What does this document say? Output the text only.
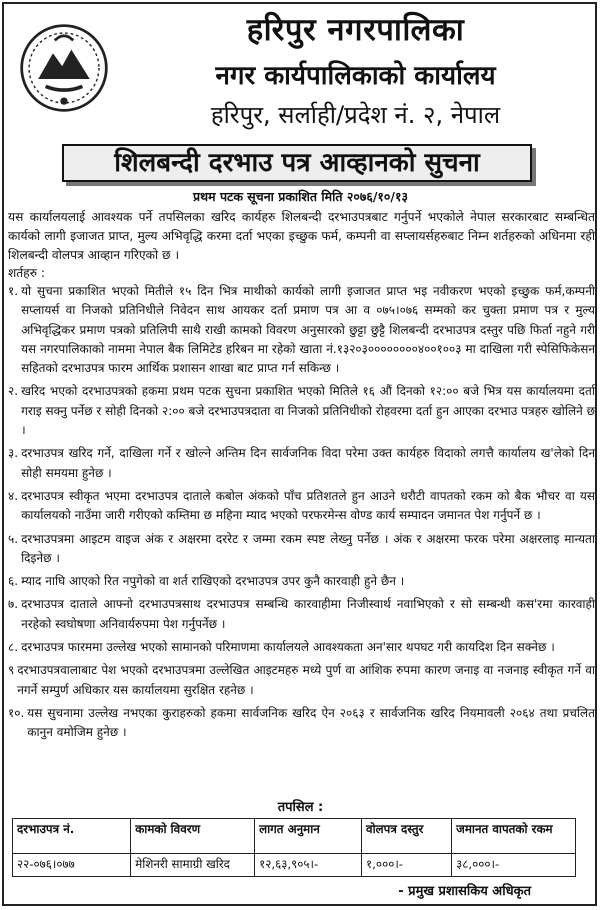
हरिपुर नगरपालिका
नगर कार्यपालिकाको कार्यालय
हरिपुर, सर्लाही/प्रदेश नं. २, नेपाल
शिलबन्दी दरभाउ पत्र आव्हानको सुचना
प्रथम पटक सूचना प्रकाशित मिति २०७६/१०/१३
यस कार्यालयलाई आवश्यक पर्ने तपसिलका खरिद कार्यहरु शिलबन्दी दरभाउपत्रबाट गर्नुपर्ने भएकोले नेपाल सरकारबाट सम्बन्धित कार्यको लागी इजाजत प्राप्त, मुल्य अभिवृद्धि करमा दर्ता भएका इच्छुक फर्म, कम्पनी वा सप्लायर्सहरुबाट निम्न शर्तहरुको अधिनमा रही शिलबन्दी वोलपत्र आव्हान गरिएको छ ।
शर्तहरु :
१. यो सुचना प्रकाशित भएको मितीले १५ दिन भित्र माथीको कार्यको लागी इजाजत प्राप्त भइ नवीकरण भएको इच्छुक फर्म,कम्पनी सप्लायर्स वा निजको प्रतिनिधीले निवेदन साथ आयकर दर्ता प्रमाण पत्र आ व ०७५।०७६ सम्मको कर चुक्ता प्रमाण पत्र र मुल्य अभिवृद्धिकर प्रमाण पत्रको प्रतिलिपी साथै राखी कामको विवरण अनुसारको छुट्टा छुट्टै शिलबन्दी दरभाउपत्र दस्तुर पछि फिर्ता नहुने गरी यस नगरपालिकाको नाममा नेपाल बैक लिमिटेड हरिबन मा रहेको खाता नं.१३२०३००००००००४००१००३ मा दाखिला गरी स्पेसिफिकेसन सहितको दरभाउपत्र फारम आर्थिक प्रशासन शाखा बाट प्राप्त गर्न सकिन्छ ।
२. खरिद भएको दरभाउपत्रको हकमा प्रथम पटक सुचना प्रकाशित भएको मितिले १६ औं दिनको १२:०० बजे भित्र यस कार्यालयमा दर्ता गराइ सक्नु पर्नेछ र सोही दिनको २:०० बजे दरभाउपत्रदाता वा निजको प्रतिनिधीको रोहवरमा दर्ता हुन आएका दरभाउ पत्रहरु खोलिने छ ।
३. दरभाउपत्र खरिद गर्ने, दाखिला गर्ने र खोल्ने अन्तिम दिन सार्वजनिक विदा परेमा उक्त कार्यहरु विदाको लगत्तै कार्यालय ख'लेको दिन सोही समयमा हुनेछ ।
४. दरभाउपत्र स्वीकृत भएमा दरभाउपत्र दाताले कबोल अंकको पाँच प्रतिशतले हुन आउने धरौटी वापतको रकम को बैक भौचर वा यस कार्यालयको नाउँमा जारी गरीएको कम्तिमा छ महिना म्याद भएको परफरमेन्स वोण्ड कार्य सम्पादन जमानत पेश गर्नुपर्ने छ ।
५. दरभाउपत्रमा आइटम वाइज अंक र अक्षरमा दररेट र जम्मा रकम स्पष्ट लेख्नु पर्नेछ । अंक र अक्षरमा फरक परेमा अक्षरलाइ मान्यता दिइनेछ ।
६. म्याद नाघि आएको रित नपुगेको वा शर्त राखिएको दरभाउपत्र उपर कुनै कारवाही हुने छैन ।
७. दरभाउपत्र दाताले आफ्नो दरभाउपत्रसाथ दरभाउपत्र सम्बन्धि कारवाहीमा निजीस्वार्थ नवाभिएको र सो सम्बन्धी कस'रमा कारवाही नरहेको स्वघोषणा अनिवार्यरुपमा पेश गर्नुपर्नेछ ।
८. दरभाउपत्र फारममा उल्लेख भएको सामानको परिमाणमा कार्यालयले आवश्यकता अन'सार थपघट गरी कायदिश दिन सक्नेछ ।
९ दरभाउपत्रवालाबाट पेश भएको दरभाउपत्रमा उल्लेखित आइटमहरु मध्ये पुर्ण वा आंशिक रुपमा कारण जनाइ वा नजनाइ स्वीकृत गर्ने वा नगर्ने सम्पुर्ण अधिकार यस कार्यालयमा सुरक्षित रहनेछ ।
१०. यस सुचनामा उल्लेख नभएका कुराहरुको हकमा सार्वजनिक खरिद ऐन २०६३ र सार्वजनिक खरिद नियमावली २०६४ तथा प्रचलित कानुन वमोजिम हुनेछ ।
तपसिल :
दरभाउपत्र नं.	कामको विवरण	लागत अनुमान	वोलपत्र दस्तुर	जमानत वापतको रकम
२२-०७६।०७७	मेशिनरी सामाग्री खरिद	१२,६३,९०५।-	१,०००।-	३८,०००।-
- प्रमुख प्रशासकिय अधिकृत
